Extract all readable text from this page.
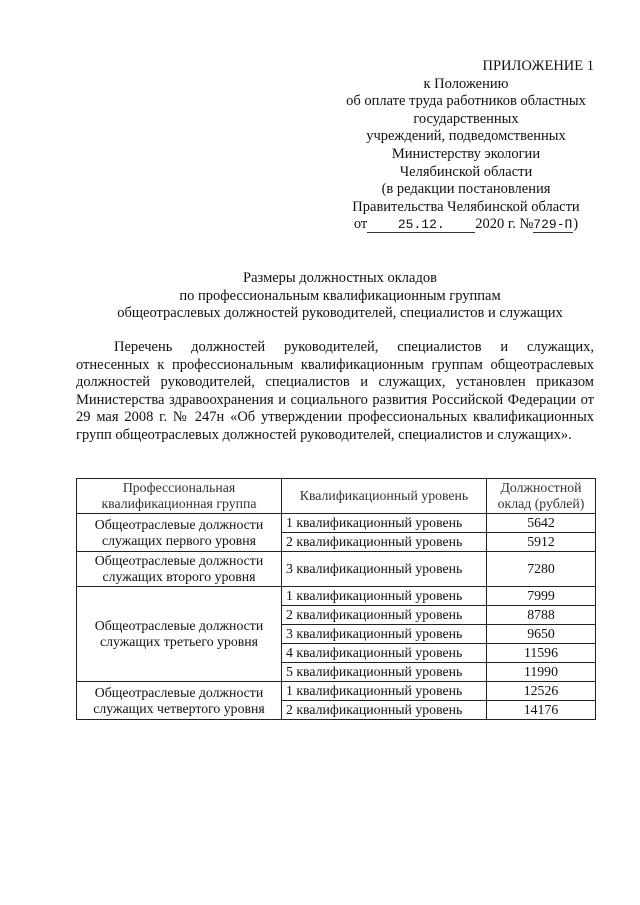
ПРИЛОЖЕНИЕ 1
к Положению
об оплате труда работников областных
государственных
учреждений, подведомственных
Министерству экологии
Челябинской области
(в редакции постановления
Правительства Челябинской области
от 25.12. 2020 г. №729-П)
Размеры должностных окладов
по профессиональным квалификационным группам
общеотраслевых должностей руководителей, специалистов и служащих

Перечень должностей руководителей, специалистов и служащих, отнесенных к профессиональным квалификационным группам общеотраслевых должностей руководителей, специалистов и служащих, установлен приказом Министерства здравоохранения и социального развития Российской Федерации от 29 мая 2008 г. № 247н «Об утверждении профессиональных квалификационных групп общеотраслевых должностей руководителей, специалистов и служащих».

Профессиональная квалификационная группа	Квалификационный уровень	Должностной оклад (рублей)
Общеотраслевые должности служащих первого уровня	1 квалификационный уровень	5642
	2 квалификационный уровень	5912
Общеотраслевые должности служащих второго уровня	3 квалификационный уровень	7280
Общеотраслевые должности служащих третьего уровня	1 квалификационный уровень	7999
	2 квалификационный уровень	8788
	3 квалификационный уровень	9650
	4 квалификационный уровень	11596
	5 квалификационный уровень	11990
Общеотраслевые должности служащих четвертого уровня	1 квалификационный уровень	12526
	2 квалификационный уровень	14176
